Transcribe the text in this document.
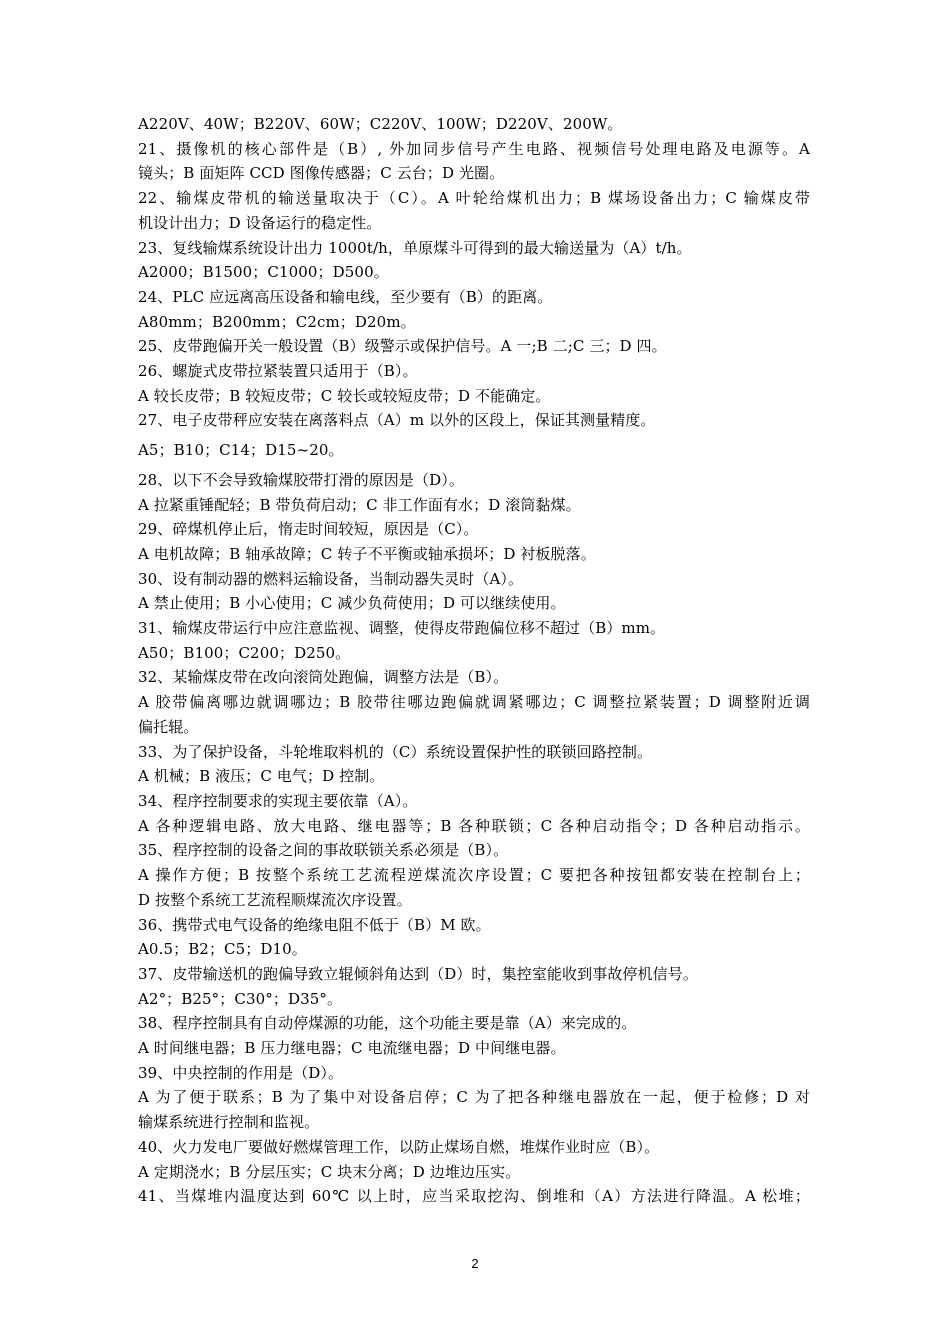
A220V、40W；B220V、60W；C220V、100W；D220V、200W。
21、摄像机的核心部件是（B）, 外加同步信号产生电路、视频信号处理电路及电源等。A
镜头；B 面矩阵 CCD 图像传感器；C 云台；D 光圈。
22、输煤皮带机的输送量取决于（C）。A 叶轮给煤机出力；B 煤场设备出力；C 输煤皮带
机设计出力；D 设备运行的稳定性。
23、复线输煤系统设计出力 1000t/h，单原煤斗可得到的最大输送量为（A）t/h。
A2000；B1500；C1000；D500。
24、PLC 应远离高压设备和输电线，至少要有（B）的距离。
A80mm；B200mm；C2cm；D20m。
25、皮带跑偏开关一般设置（B）级警示或保护信号。A 一;B 二;C 三；D 四。
26、螺旋式皮带拉紧装置只适用于（B）。
A 较长皮带；B 较短皮带；C 较长或较短皮带；D 不能确定。
27、电子皮带秤应安装在离落料点（A）m 以外的区段上，保证其测量精度。
A5；B10；C14；D15~20。
28、以下不会导致输煤胶带打滑的原因是（D）。
A 拉紧重锤配轻；B 带负荷启动；C 非工作面有水；D 滚筒黏煤。
29、碎煤机停止后，惰走时间较短，原因是（C）。
A 电机故障；B 轴承故障；C 转子不平衡或轴承损坏；D 衬板脱落。
30、设有制动器的燃料运输设备，当制动器失灵时（A）。
A 禁止使用；B 小心使用；C 减少负荷使用；D 可以继续使用。
31、输煤皮带运行中应注意监视、调整，使得皮带跑偏位移不超过（B）mm。
A50；B100；C200；D250。
32、某输煤皮带在改向滚筒处跑偏，调整方法是（B）。
A 胶带偏离哪边就调哪边；B 胶带往哪边跑偏就调紧哪边；C 调整拉紧装置；D 调整附近调
偏托辊。
33、为了保护设备，斗轮堆取料机的（C）系统设置保护性的联锁回路控制。
A 机械；B 液压；C 电气；D 控制。
34、程序控制要求的实现主要依靠（A）。
A 各种逻辑电路、放大电路、继电器等；B 各种联锁；C 各种启动指令；D 各种启动指示。
35、程序控制的设备之间的事故联锁关系必须是（B）。
A 操作方便；B 按整个系统工艺流程逆煤流次序设置；C 要把各种按钮都安装在控制台上；
D 按整个系统工艺流程顺煤流次序设置。
36、携带式电气设备的绝缘电阻不低于（B）M 欧。
A0.5；B2；C5；D10。
37、皮带输送机的跑偏导致立辊倾斜角达到（D）时，集控室能收到事故停机信号。
A2°；B25°；C30°；D35°。
38、程序控制具有自动停煤源的功能，这个功能主要是靠（A）来完成的。
A 时间继电器；B 压力继电器；C 电流继电器；D 中间继电器。
39、中央控制的作用是（D）。
A 为了便于联系；B 为了集中对设备启停；C 为了把各种继电器放在一起，便于检修；D 对
输煤系统进行控制和监视。
40、火力发电厂要做好燃煤管理工作，以防止煤场自燃，堆煤作业时应（B）。
A 定期浇水；B 分层压实；C 块末分离；D 边堆边压实。
41、当煤堆内温度达到 60℃ 以上时，应当采取挖沟、倒堆和（A）方法进行降温。A 松堆；
2
